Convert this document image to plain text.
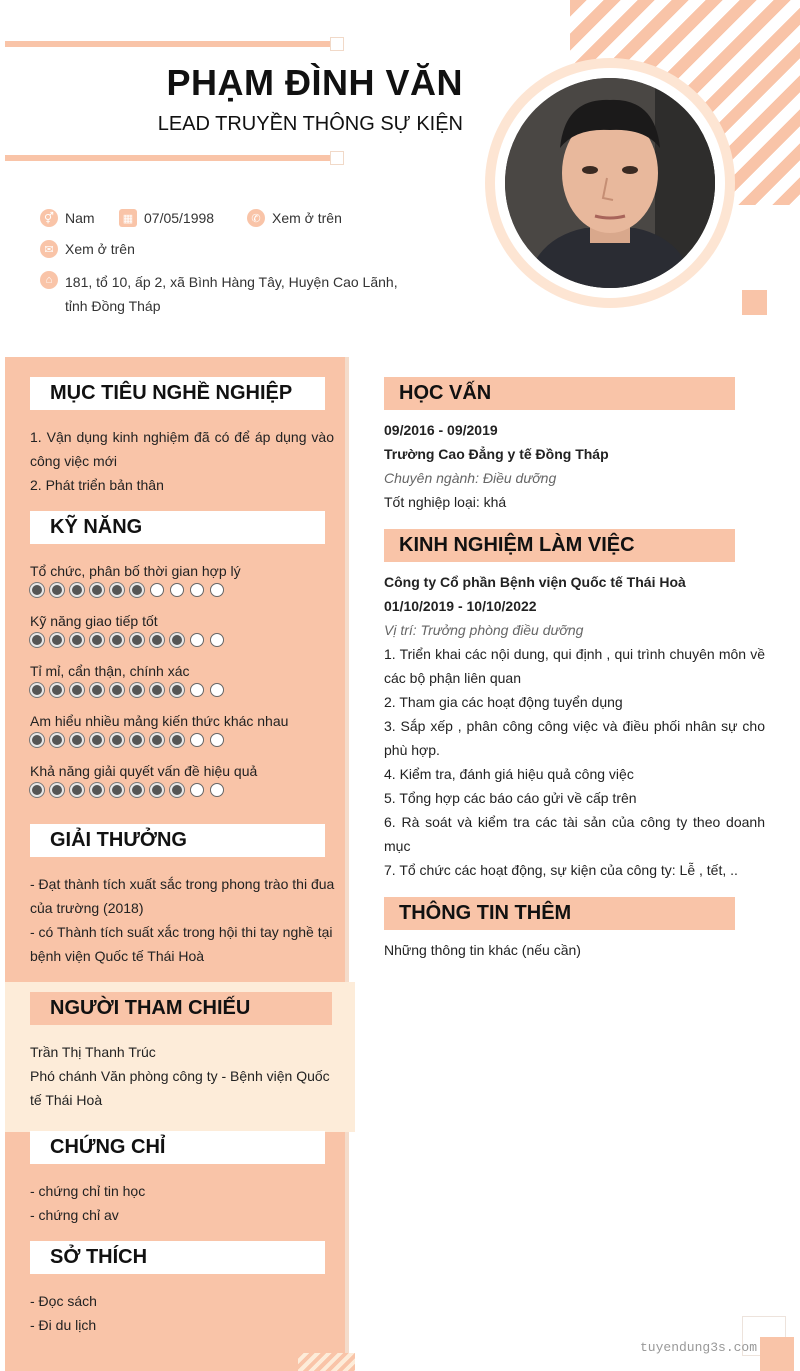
PHẠM ĐÌNH VĂN
LEAD TRUYỀN THÔNG SỰ KIỆN
⚥ Nam	▦ 07/05/1998	✆ Xem ở trên
✉ Xem ở trên
⌂ 181, tổ 10, ấp 2, xã Bình Hàng Tây, Huyện Cao Lãnh, tỉnh Đồng Tháp
MỤC TIÊU NGHỀ NGHIỆP
1. Vận dụng kinh nghiệm đã có để áp dụng vào công việc mới
2. Phát triển bản thân
KỸ NĂNG
Tổ chức, phân bố thời gian hợp lý
Kỹ năng giao tiếp tốt
Tỉ mỉ, cẩn thận, chính xác
Am hiểu nhiều mảng kiến thức khác nhau
Khả năng giải quyết vấn đề hiệu quả
GIẢI THƯỞNG
- Đạt thành tích xuất sắc trong phong trào thi đua của trường (2018)
- có Thành tích suất xắc trong hội thi tay nghề tại bệnh viện Quốc tế Thái Hoà
NGƯỜI THAM CHIẾU
Trần Thị Thanh Trúc
Phó chánh Văn phòng công ty - Bệnh viện Quốc tế Thái Hoà
CHỨNG CHỈ
- chứng chỉ tin học
- chứng chỉ av
SỞ THÍCH
- Đọc sách
- Đi du lịch
HỌC VẤN
09/2016 - 09/2019
Trường Cao Đẳng y tế Đồng Tháp
Chuyên ngành: Điều dưỡng
Tốt nghiệp loại: khá
KINH NGHIỆM LÀM VIỆC
Công ty Cổ phần Bệnh viện Quốc tế Thái Hoà
01/10/2019 - 10/10/2022
Vị trí: Trưởng phòng điều dưỡng
1. Triển khai các nội dung, qui định , qui trình chuyên môn về các bộ phận liên quan
2. Tham gia các hoạt động tuyển dụng
3. Sắp xếp , phân công công việc và điều phối nhân sự cho phù hợp.
4. Kiểm tra, đánh giá hiệu quả công việc
5. Tổng hợp các báo cáo gửi về cấp trên
6. Rà soát và kiểm tra các tài sản của công ty theo doanh mục
7. Tổ chức các hoạt động, sự kiện của công ty: Lễ , tết, ..
THÔNG TIN THÊM
Những thông tin khác (nếu cần)
tuyendung3s.com
